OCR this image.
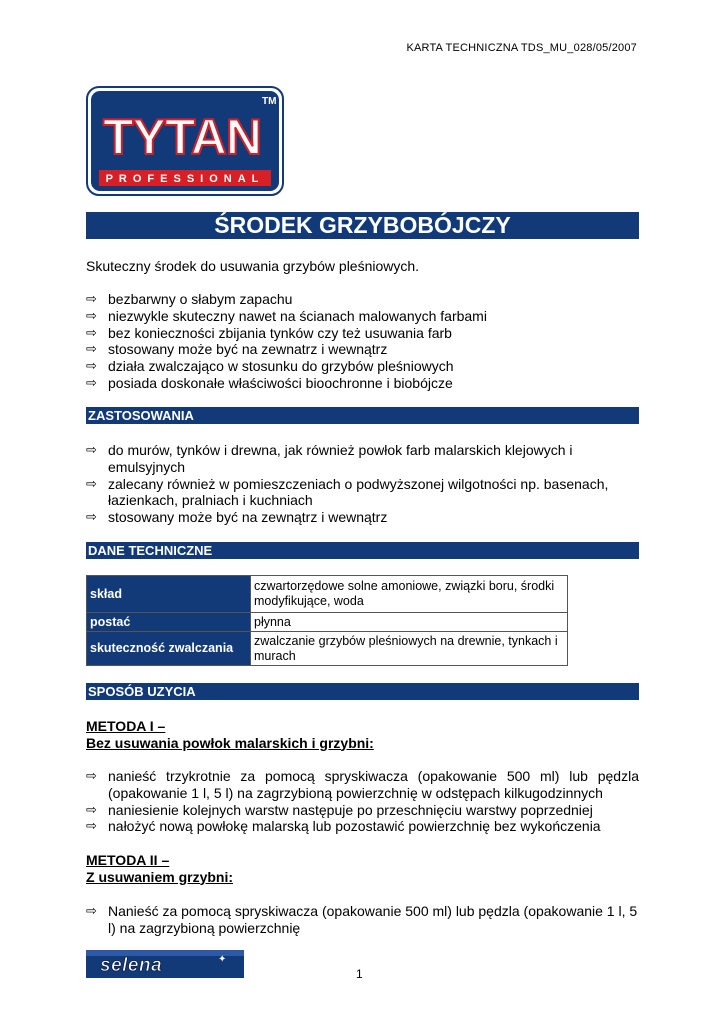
KARTA TECHNICZNA TDS_MU_028/05/2007
TYTAN
TM
PROFESSIONAL
ŚRODEK GRZYBOBÓJCZY
Skuteczny środek do usuwania grzybów pleśniowych.
⇨ bezbarwny o słabym zapachu
⇨ niezwykle skuteczny nawet na ścianach malowanych farbami
⇨ bez konieczności zbijania tynków czy też usuwania farb
⇨ stosowany może być na zewnatrz i wewnątrz
⇨ działa zwalczająco w stosunku do grzybów pleśniowych
⇨ posiada doskonałe właściwości bioochronne i biobójcze
ZASTOSOWANIA
⇨ do murów, tynków i drewna, jak również powłok farb malarskich klejowych i emulsyjnych
⇨ zalecany również w pomieszczeniach o podwyższonej wilgotności np. basenach, łazienkach, pralniach i kuchniach
⇨ stosowany może być na zewnątrz i wewnątrz
DANE TECHNICZNE
skład	czwartorzędowe solne amoniowe, związki boru, środki modyfikujące, woda
postać	płynna
skuteczność zwalczania	zwalczanie grzybów pleśniowych na drewnie, tynkach i murach
SPOSÓB UZYCIA
METODA I –
Bez usuwania powłok malarskich i grzybni:
⇨ nanieść trzykrotnie za pomocą spryskiwacza (opakowanie 500 ml) lub pędzla (opakowanie 1 l, 5 l) na zagrzybioną powierzchnię w odstępach kilkugodzinnych
⇨ naniesienie kolejnych warstw następuje po przeschnięciu warstwy poprzedniej
⇨ nałożyć nową powłokę malarską lub pozostawić powierzchnię bez wykończenia
METODA II –
Z usuwaniem grzybni:
⇨ Nanieść za pomocą spryskiwacza (opakowanie 500 ml) lub pędzla (opakowanie 1 l, 5 l) na zagrzybioną powierzchnię
selena	✦
1
